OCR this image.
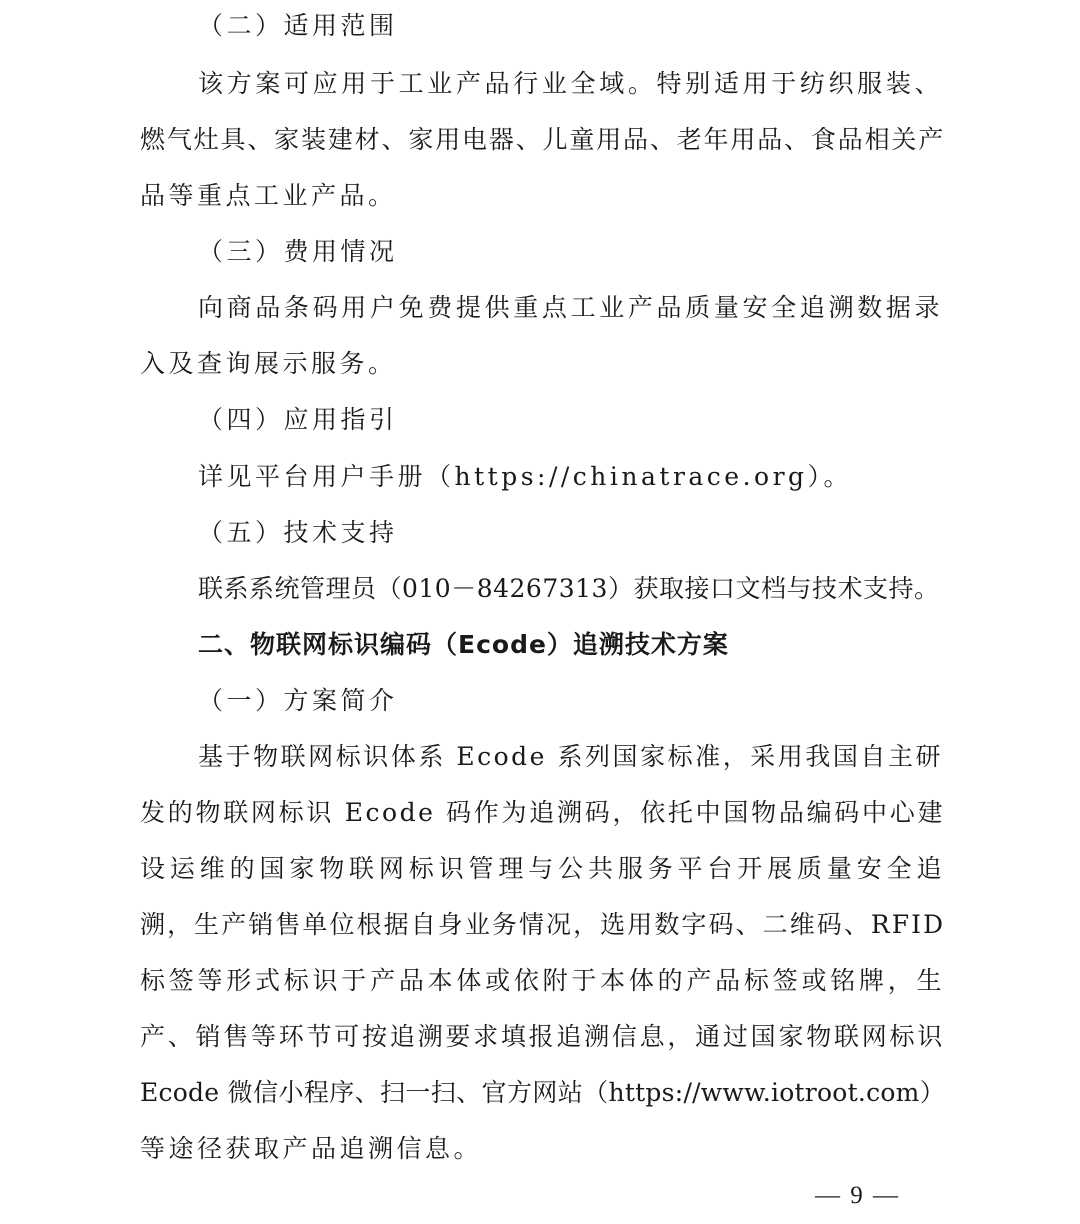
（二）适用范围
该方案可应用于工业产品行业全域。特别适用于纺织服装、
燃气灶具、家装建材、家用电器、儿童用品、老年用品、食品相关产
品等重点工业产品。
（三）费用情况
向商品条码用户免费提供重点工业产品质量安全追溯数据录
入及查询展示服务。
（四）应用指引
详见平台用户手册（https://chinatrace.org）。
（五）技术支持
联系系统管理员（010－84267313）获取接口文档与技术支持。
二、物联网标识编码（Ecode）追溯技术方案
（一）方案简介
基于物联网标识体系 Ecode 系列国家标准，采用我国自主研
发的物联网标识 Ecode 码作为追溯码，依托中国物品编码中心建
设运维的国家物联网标识管理与公共服务平台开展质量安全追
溯，生产销售单位根据自身业务情况，选用数字码、二维码、RFID
标签等形式标识于产品本体或依附于本体的产品标签或铭牌，生
产、销售等环节可按追溯要求填报追溯信息，通过国家物联网标识
Ecode 微信小程序、扫一扫、官方网站（https://www.iotroot.com）
等途径获取产品追溯信息。
— 9 —
